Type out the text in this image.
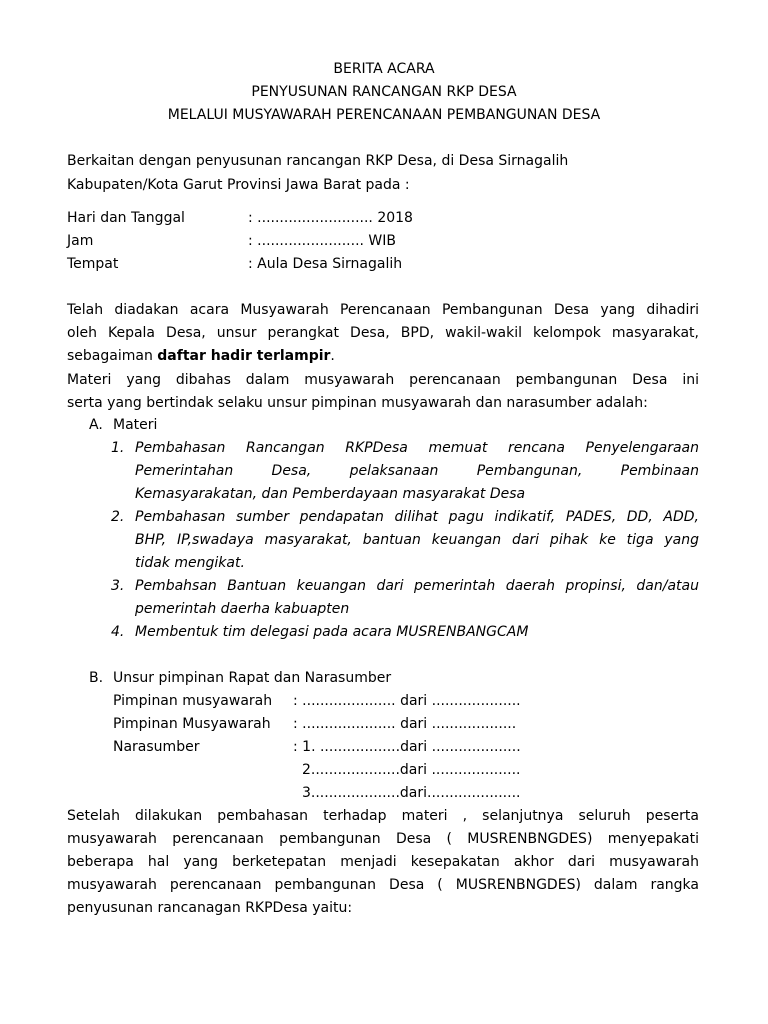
BERITA ACARA
PENYUSUNAN RANCANGAN RKP DESA
MELALUI MUSYAWARAH PERENCANAAN PEMBANGUNAN DESA
Berkaitan dengan penyusunan rancangan RKP Desa, di Desa Sirnagalih
Kabupaten/Kota Garut Provinsi Jawa Barat pada :
Hari dan Tanggal	: .......................... 2018
Jam	: ........................ WIB
Tempat	: Aula Desa Sirnagalih
Telah diadakan acara Musyawarah Perencanaan Pembangunan Desa yang dihadiri
oleh Kepala Desa, unsur perangkat Desa, BPD, wakil-wakil kelompok masyarakat,
sebagaiman daftar hadir terlampir.
Materi yang dibahas dalam musyawarah perencanaan pembangunan Desa ini
serta yang bertindak selaku unsur pimpinan musyawarah dan narasumber adalah:
A. Materi
1. Pembahasan Rancangan RKPDesa memuat rencana Penyelengaraan
Pemerintahan Desa, pelaksanaan Pembangunan, Pembinaan
Kemasyarakatan, dan Pemberdayaan masyarakat Desa
2. Pembahasan sumber pendapatan dilihat pagu indikatif, PADES, DD, ADD,
BHP, IP,swadaya masyarakat, bantuan keuangan dari pihak ke tiga yang
tidak mengikat.
3. Pembahsan Bantuan keuangan dari pemerintah daerah propinsi, dan/atau
pemerintah daerha kabuapten
4. Membentuk tim delegasi pada acara MUSRENBANGCAM
B. Unsur pimpinan Rapat dan Narasumber
Pimpinan musyawarah : ..................... dari ....................
Pimpinan Musyawarah : ..................... dari ...................
Narasumber	: 1. ..................dari ....................
2....................dari ....................
3....................dari.....................
Setelah dilakukan pembahasan terhadap materi , selanjutnya seluruh peserta
musyawarah perencanaan pembangunan Desa ( MUSRENBNGDES) menyepakati
beberapa hal yang berketepatan menjadi kesepakatan akhor dari musyawarah
musyawarah perencanaan pembangunan Desa ( MUSRENBNGDES) dalam rangka
penyusunan rancanagan RKPDesa yaitu:
